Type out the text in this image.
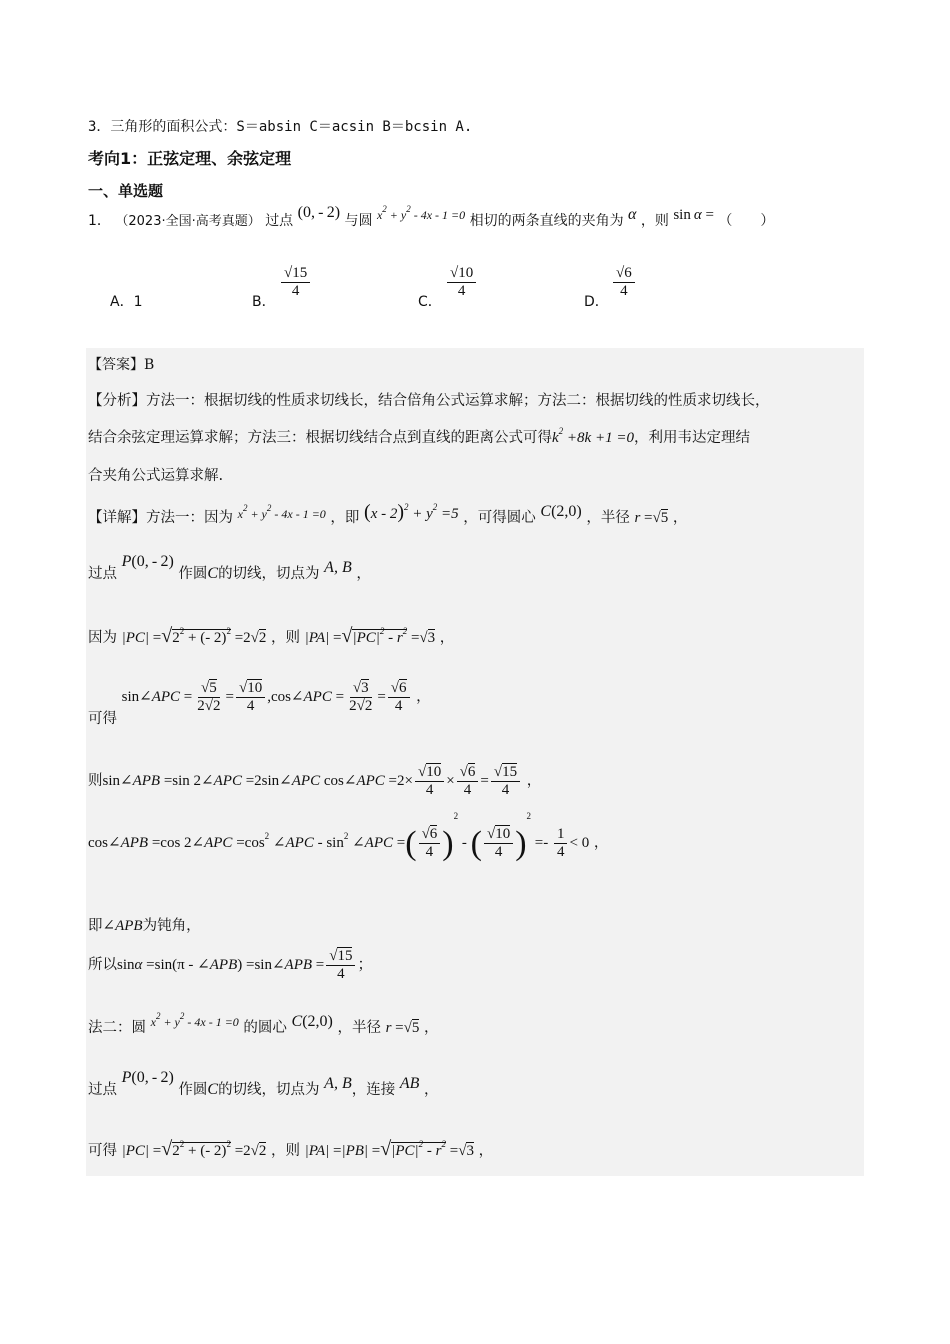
3．三角形的面积公式：S＝absin C＝acsin B＝bcsin A.
考向1：正弦定理、余弦定理
一、单选题
1． （2023·全国·高考真题） 过点 (0, - 2) 与圆 $x^2 + y^2 - 4x - 1 =0$ 相切的两条直线的夹角为 α ，则 sin α = （　　）
A．1	B．
$\frac{√15}{4}$
C．
$\frac{√10}{4}$
D．
$\frac{√6}{4}$
【答案】B
【分析】方法一：根据切线的性质求切线长，结合倍角公式运算求解；方法二：根据切线的性质求切线长，
结合余弦定理运算求解；方法三：根据切线结合点到直线的距离公式可得$k^2 +8k +1 =0$，利用韦达定理结
合夹角公式运算求解.
【详解】方法一：因为 $^{x^2 + y^2 - 4x - 1 =0}$ ，即 $(x - 2)^2 + y^2 =5$ ，可得圆心 C(2,0) ，半径 r =√5 ，
过点 P(0, - 2) 作圆C的切线，切点为 A, B ，
因为 $|PC| =√2^2$ + (- 2)$^2$ =2√2 ，则 $|PA| =√|PC|^2 - r^2 =√3$ ，
可得 sin∠APC = $\frac{√5}{2√2} = \frac{√10}{4}$ ,cos∠APC = $\frac{√3}{2√2} = \frac{√6}{4}$ ，
则sin∠APB =sin 2∠APC =2sin∠APC cos∠APC $=2\times \frac{√10}{4} \times \frac{√6}{4} = \frac{√15}{4}$ ，
cos∠APB =cos 2∠APC $=\cos^2$ ∠APC - $\sin^2$ ∠APC =( $\frac{√6}{4} )^2$ - ( $\frac{√10}{4} )^2 =- \frac{1}{4} < 0$ ，
即∠APB为钝角，
所以sinα =sin(π - ∠APB) =sin∠APB = $\frac{√15}{4}$ ；
法二：圆 $^{x^2 + y^2 - 4x - 1 =0}$ 的圆心 C(2,0) ，半径 r =√5 ，
过点 P(0, - 2) 作圆C的切线，切点为 A, B，连接 AB ，
可得 $|PC| =√2^2$ + (- 2)$^2$ =2√2 ，则 $|PA| =|PB| =√|PC|^2 - r^2 =√3$ ，
